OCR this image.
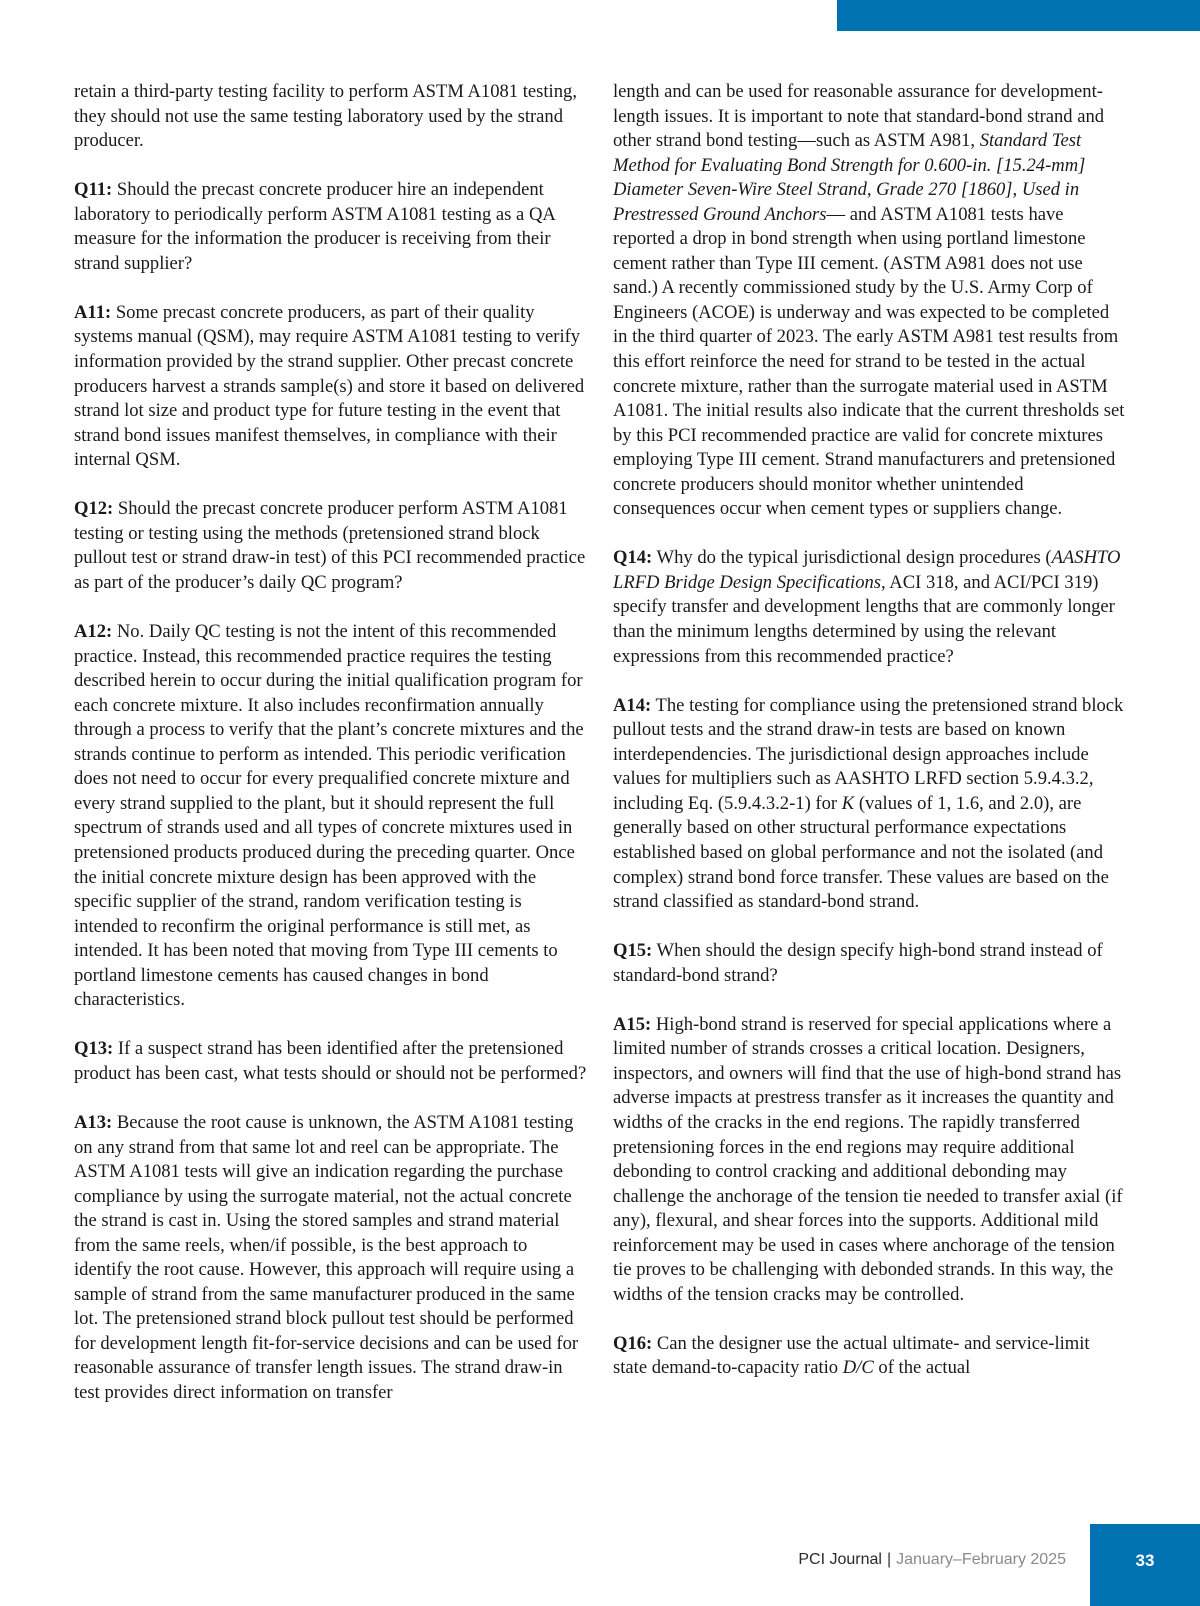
retain a third-party testing facility to perform ASTM A1081 testing, they should not use the same testing laboratory used by the strand producer.

Q11: Should the precast concrete producer hire an independent laboratory to periodically perform ASTM A1081 testing as a QA measure for the information the producer is receiving from their strand supplier?

A11: Some precast concrete producers, as part of their quality systems manual (QSM), may require ASTM A1081 testing to verify information provided by the strand supplier. Other precast concrete producers harvest a strands sample(s) and store it based on delivered strand lot size and product type for future testing in the event that strand bond issues manifest themselves, in compliance with their internal QSM.

Q12: Should the precast concrete producer perform ASTM A1081 testing or testing using the methods (pretensioned strand block pullout test or strand draw-in test) of this PCI recommended practice as part of the producer’s daily QC program?

A12: No. Daily QC testing is not the intent of this recommended practice. Instead, this recommended practice requires the testing described herein to occur during the initial qualification program for each concrete mixture. It also includes reconfirmation annually through a process to verify that the plant’s concrete mixtures and the strands continue to perform as intended. This periodic verification does not need to occur for every prequalified concrete mixture and every strand supplied to the plant, but it should represent the full spectrum of strands used and all types of concrete mixtures used in pretensioned products produced during the preceding quarter. Once the initial concrete mixture design has been approved with the specific supplier of the strand, random verification testing is intended to reconfirm the original performance is still met, as intended. It has been noted that moving from Type III cements to portland limestone cements has caused changes in bond characteristics.

Q13: If a suspect strand has been identified after the pretensioned product has been cast, what tests should or should not be performed?

A13: Because the root cause is unknown, the ASTM A1081 testing on any strand from that same lot and reel can be appropriate. The ASTM A1081 tests will give an indication regarding the purchase compliance by using the surrogate material, not the actual concrete the strand is cast in. Using the stored samples and strand material from the same reels, when/if possible, is the best approach to identify the root cause. However, this approach will require using a sample of strand from the same manufacturer produced in the same lot. The pretensioned strand block pullout test should be performed for development length fit-for-service decisions and can be used for reasonable assurance of transfer length issues. The strand draw-in test provides direct information on transfer

length and can be used for reasonable assurance for development-length issues. It is important to note that standard-bond strand and other strand bond testing—such as ASTM A981, Standard Test Method for Evaluating Bond Strength for 0.600-in. [15.24-mm] Diameter Seven-Wire Steel Strand, Grade 270 [1860], Used in Prestressed Ground Anchors— and ASTM A1081 tests have reported a drop in bond strength when using portland limestone cement rather than Type III cement. (ASTM A981 does not use sand.) A recently commissioned study by the U.S. Army Corp of Engineers (ACOE) is underway and was expected to be completed in the third quarter of 2023. The early ASTM A981 test results from this effort reinforce the need for strand to be tested in the actual concrete mixture, rather than the surrogate material used in ASTM A1081. The initial results also indicate that the current thresholds set by this PCI recommended practice are valid for concrete mixtures employing Type III cement. Strand manufacturers and pretensioned concrete producers should monitor whether unintended consequences occur when cement types or suppliers change.

Q14: Why do the typical jurisdictional design procedures (AASHTO LRFD Bridge Design Specifications, ACI 318, and ACI/PCI 319) specify transfer and development lengths that are commonly longer than the minimum lengths determined by using the relevant expressions from this recommended practice?

A14: The testing for compliance using the pretensioned strand block pullout tests and the strand draw-in tests are based on known interdependencies. The jurisdictional design approaches include values for multipliers such as AASHTO LRFD section 5.9.4.3.2, including Eq. (5.9.4.3.2-1) for K (values of 1, 1.6, and 2.0), are generally based on other structural performance expectations established based on global performance and not the isolated (and complex) strand bond force transfer. These values are based on the strand classified as standard-bond strand.

Q15: When should the design specify high-bond strand instead of standard-bond strand?

A15: High-bond strand is reserved for special applications where a limited number of strands crosses a critical location. Designers, inspectors, and owners will find that the use of high-bond strand has adverse impacts at prestress transfer as it increases the quantity and widths of the cracks in the end regions. The rapidly transferred pretensioning forces in the end regions may require additional debonding to control cracking and additional debonding may challenge the anchorage of the tension tie needed to transfer axial (if any), flexural, and shear forces into the supports. Additional mild reinforcement may be used in cases where anchorage of the tension tie proves to be challenging with debonded strands. In this way, the widths of the tension cracks may be controlled.

Q16: Can the designer use the actual ultimate- and service-limit state demand-to-capacity ratio D/C of the actual

PCI Journal | January–February 2025	33
